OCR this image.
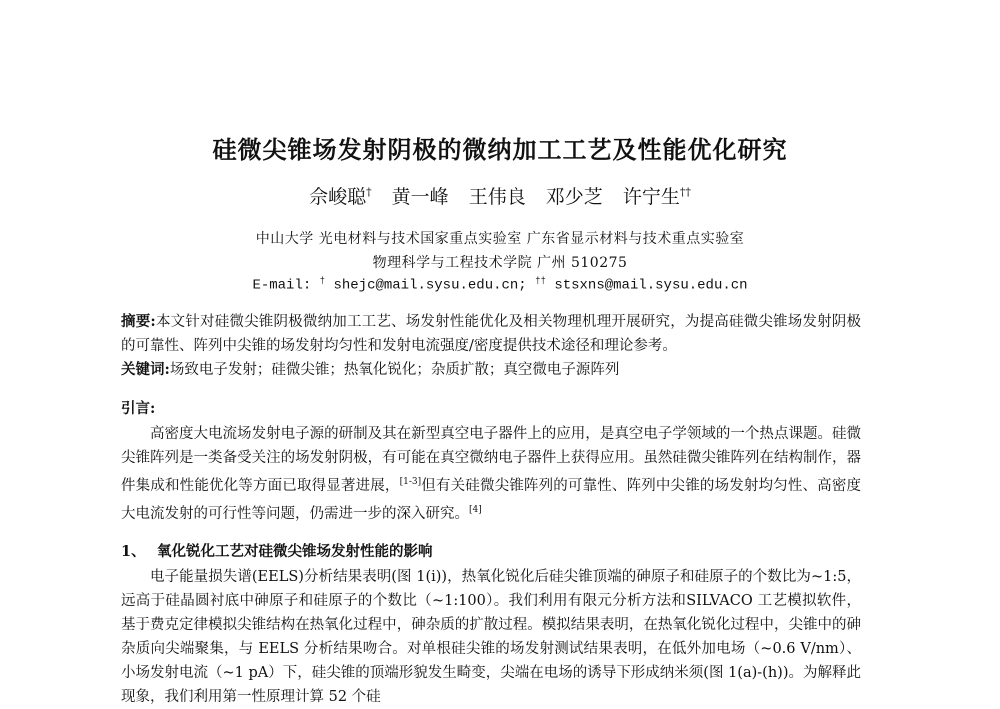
硅微尖锥场发射阴极的微纳加工工艺及性能优化研究
佘峻聪† 黄一峰 王伟良 邓少芝 许宁生††
中山大学 光电材料与技术国家重点实验室 广东省显示材料与技术重点实验室
物理科学与工程技术学院 广州 510275
E-mail: † shejc@mail.sysu.edu.cn; †† stsxns@mail.sysu.edu.cn
摘要:本文针对硅微尖锥阴极微纳加工工艺、场发射性能优化及相关物理机理开展研究，为提高硅微尖锥场发射阴极的可靠性、阵列中尖锥的场发射均匀性和发射电流强度/密度提供技术途径和理论参考。
关键词:场致电子发射；硅微尖锥；热氧化锐化；杂质扩散；真空微电子源阵列
引言:
高密度大电流场发射电子源的研制及其在新型真空电子器件上的应用，是真空电子学领域的一个热点课题。硅微尖锥阵列是一类备受关注的场发射阴极，有可能在真空微纳电子器件上获得应用。虽然硅微尖锥阵列在结构制作，器件集成和性能优化等方面已取得显著进展，[1-3]但有关硅微尖锥阵列的可靠性、阵列中尖锥的场发射均匀性、高密度大电流发射的可行性等问题，仍需进一步的深入研究。[4]
1、 氧化锐化工艺对硅微尖锥场发射性能的影响
电子能量损失谱(EELS)分析结果表明(图 1(i))，热氧化锐化后硅尖锥顶端的砷原子和硅原子的个数比为~1:5，远高于硅晶圆衬底中砷原子和硅原子的个数比（~1:100）。我们利用有限元分析方法和SILVACO 工艺模拟软件，基于费克定律模拟尖锥结构在热氧化过程中，砷杂质的扩散过程。模拟结果表明，在热氧化锐化过程中，尖锥中的砷杂质向尖端聚集，与 EELS 分析结果吻合。对单根硅尖锥的场发射测试结果表明，在低外加电场（~0.6 V/nm）、小场发射电流（~1 pA）下，硅尖锥的顶端形貌发生畸变，尖端在电场的诱导下形成纳米须(图 1(a)-(h))。为解释此现象，我们利用第一性原理计算 52 个硅
